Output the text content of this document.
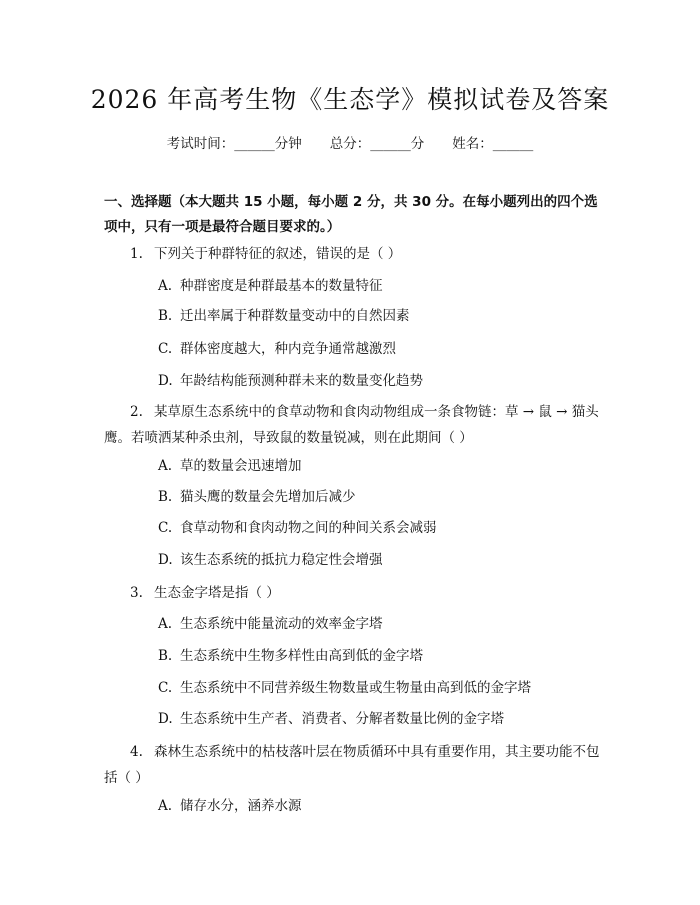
2026 年高考生物《生态学》模拟试卷及答案
考试时间：______分钟 总分：______分 姓名：______
一、选择题（本大题共 15 小题，每小题 2 分，共 30 分。在每小题列出的四个选项中，只有一项是最符合题目要求的。）
1. 下列关于种群特征的叙述，错误的是（ ）
A. 种群密度是种群最基本的数量特征
B. 迁出率属于种群数量变动中的自然因素
C. 群体密度越大，种内竞争通常越激烈
D. 年龄结构能预测种群未来的数量变化趋势
2. 某草原生态系统中的食草动物和食肉动物组成一条食物链：草 → 鼠 → 猫头鹰。若喷洒某种杀虫剂，导致鼠的数量锐减，则在此期间（ ）
A. 草的数量会迅速增加
B. 猫头鹰的数量会先增加后减少
C. 食草动物和食肉动物之间的种间关系会减弱
D. 该生态系统的抵抗力稳定性会增强
3. 生态金字塔是指（ ）
A. 生态系统中能量流动的效率金字塔
B. 生态系统中生物多样性由高到低的金字塔
C. 生态系统中不同营养级生物数量或生物量由高到低的金字塔
D. 生态系统中生产者、消费者、分解者数量比例的金字塔
4. 森林生态系统中的枯枝落叶层在物质循环中具有重要作用，其主要功能不包括（ ）
A. 储存水分，涵养水源
